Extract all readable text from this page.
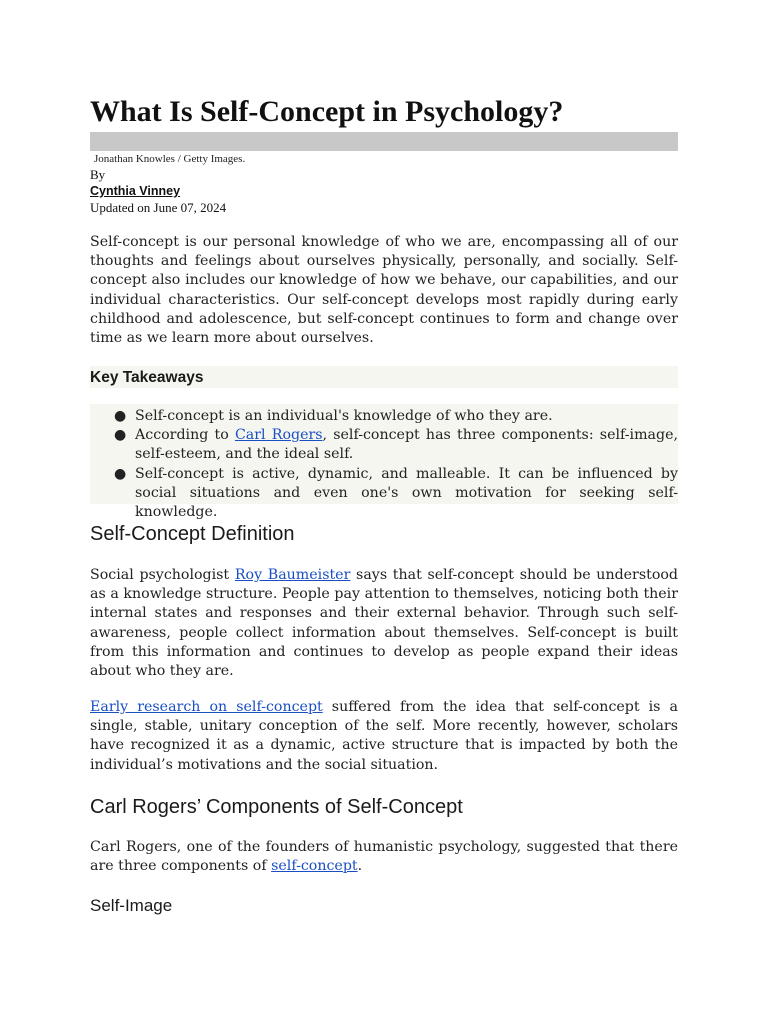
What Is Self-Concept in Psychology?
Jonathan Knowles / Getty Images.
By
Cynthia Vinney
Updated on June 07, 2024

Self-concept is our personal knowledge of who we are, encompassing all of our thoughts and feelings about ourselves physically, personally, and socially. Self-concept also includes our knowledge of how we behave, our capabilities, and our individual characteristics. Our self-concept develops most rapidly during early childhood and adolescence, but self-concept continues to form and change over time as we learn more about ourselves.

Key Takeaways
● Self-concept is an individual's knowledge of who they are.
● According to Carl Rogers, self-concept has three components: self-image, self-esteem, and the ideal self.
● Self-concept is active, dynamic, and malleable. It can be influenced by social situations and even one's own motivation for seeking self-knowledge.
Self-Concept Definition

Social psychologist Roy Baumeister says that self-concept should be understood as a knowledge structure. People pay attention to themselves, noticing both their internal states and responses and their external behavior. Through such self-awareness, people collect information about themselves. Self-concept is built from this information and continues to develop as people expand their ideas about who they are.

Early research on self-concept suffered from the idea that self-concept is a single, stable, unitary conception of the self. More recently, however, scholars have recognized it as a dynamic, active structure that is impacted by both the individual’s motivations and the social situation.

Carl Rogers’ Components of Self-Concept

Carl Rogers, one of the founders of humanistic psychology, suggested that there are three components of self-concept.

Self-Image
